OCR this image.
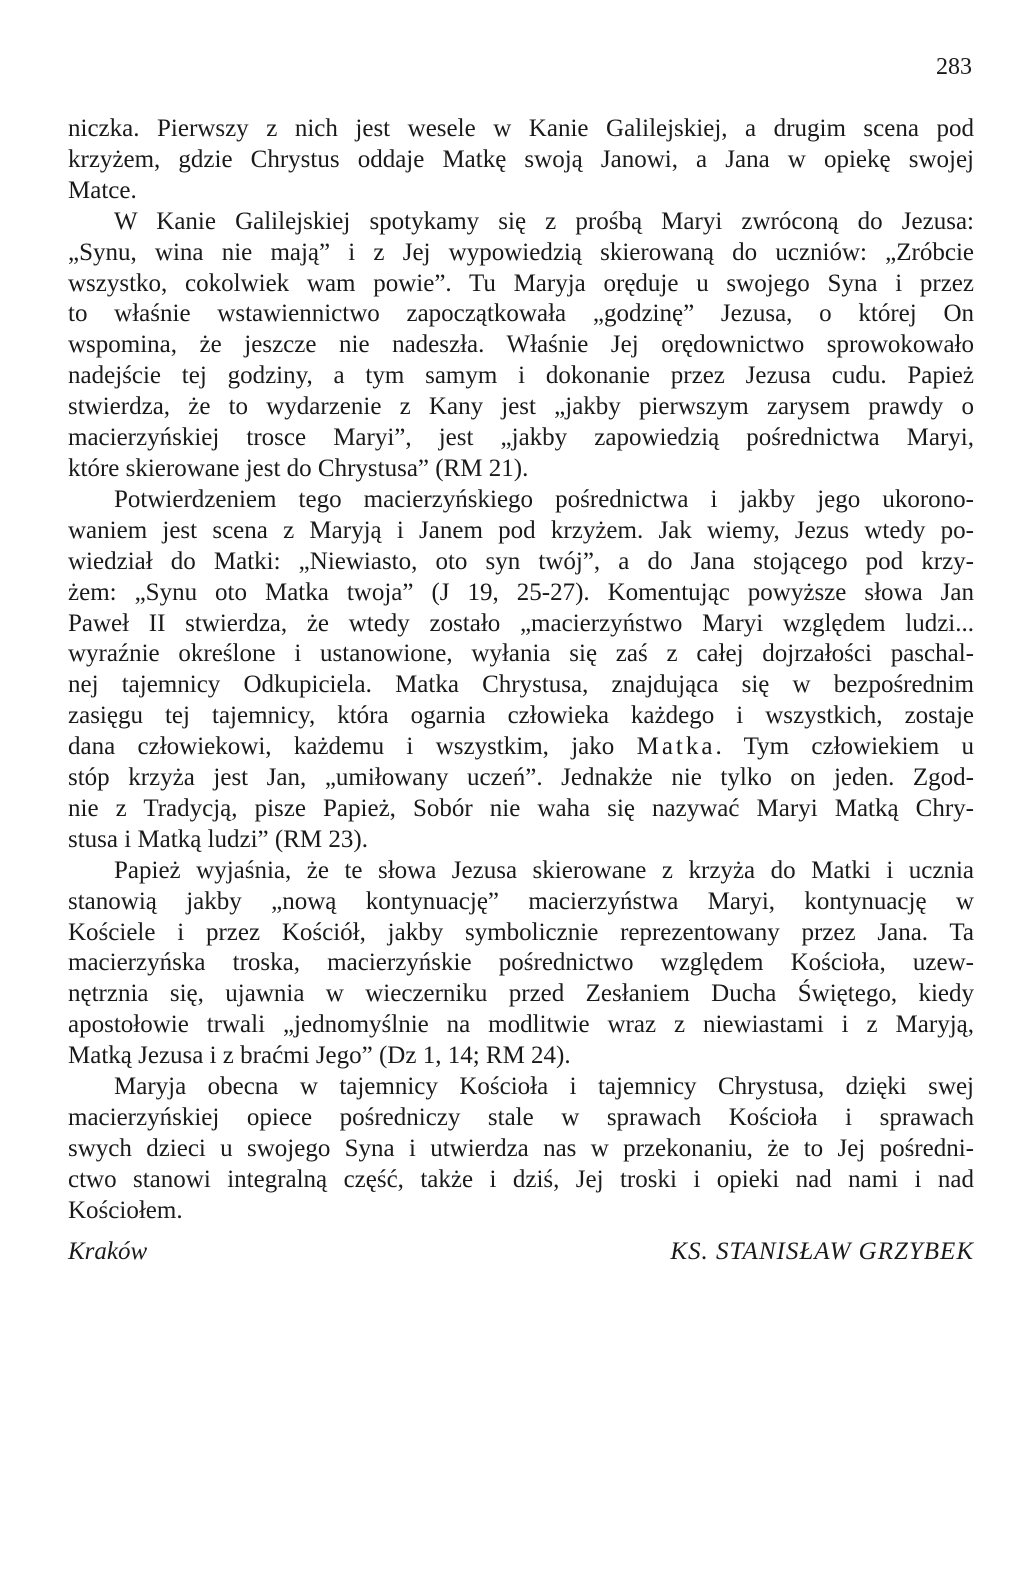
283
niczka. Pierwszy z nich jest wesele w Kanie Galilejskiej, a drugim scena pod
krzyżem, gdzie Chrystus oddaje Matkę swoją Janowi, a Jana w opiekę swojej
Matce.
W Kanie Galilejskiej spotykamy się z prośbą Maryi zwróconą do Jezusa:
„Synu, wina nie mają” i z Jej wypowiedzią skierowaną do uczniów: „Zróbcie
wszystko, cokolwiek wam powie”. Tu Maryja oręduje u swojego Syna i przez
to właśnie wstawiennictwo zapoczątkowała „godzinę” Jezusa, o której On
wspomina, że jeszcze nie nadeszła. Właśnie Jej orędownictwo sprowokowało
nadejście tej godziny, a tym samym i dokonanie przez Jezusa cudu. Papież
stwierdza, że to wydarzenie z Kany jest „jakby pierwszym zarysem prawdy o
macierzyńskiej trosce Maryi”, jest „jakby zapowiedzią pośrednictwa Maryi,
które skierowane jest do Chrystusa” (RM 21).
Potwierdzeniem tego macierzyńskiego pośrednictwa i jakby jego ukorono-
waniem jest scena z Maryją i Janem pod krzyżem. Jak wiemy, Jezus wtedy po-
wiedział do Matki: „Niewiasto, oto syn twój”, a do Jana stojącego pod krzy-
żem: „Synu oto Matka twoja” (J 19, 25-27). Komentując powyższe słowa Jan
Paweł II stwierdza, że wtedy zostało „macierzyństwo Maryi względem ludzi...
wyraźnie określone i ustanowione, wyłania się zaś z całej dojrzałości paschal-
nej tajemnicy Odkupiciela. Matka Chrystusa, znajdująca się w bezpośrednim
zasięgu tej tajemnicy, która ogarnia człowieka każdego i wszystkich, zostaje
dana człowiekowi, każdemu i wszystkim, jako Matka. Tym człowiekiem u
stóp krzyża jest Jan, „umiłowany uczeń”. Jednakże nie tylko on jeden. Zgod-
nie z Tradycją, pisze Papież, Sobór nie waha się nazywać Maryi Matką Chry-
stusa i Matką ludzi” (RM 23).
Papież wyjaśnia, że te słowa Jezusa skierowane z krzyża do Matki i ucznia
stanowią jakby „nową kontynuację” macierzyństwa Maryi, kontynuację w
Kościele i przez Kościół, jakby symbolicznie reprezentowany przez Jana. Ta
macierzyńska troska, macierzyńskie pośrednictwo względem Kościoła, uzew-
nętrznia się, ujawnia w wieczerniku przed Zesłaniem Ducha Świętego, kiedy
apostołowie trwali „jednomyślnie na modlitwie wraz z niewiastami i z Maryją,
Matką Jezusa i z braćmi Jego” (Dz 1, 14; RM 24).
Maryja obecna w tajemnicy Kościoła i tajemnicy Chrystusa, dzięki swej
macierzyńskiej opiece pośredniczy stale w sprawach Kościoła i sprawach
swych dzieci u swojego Syna i utwierdza nas w przekonaniu, że to Jej pośredni-
ctwo stanowi integralną część, także i dziś, Jej troski i opieki nad nami i nad
Kościołem.
Kraków	KS. STANISŁAW GRZYBEK
